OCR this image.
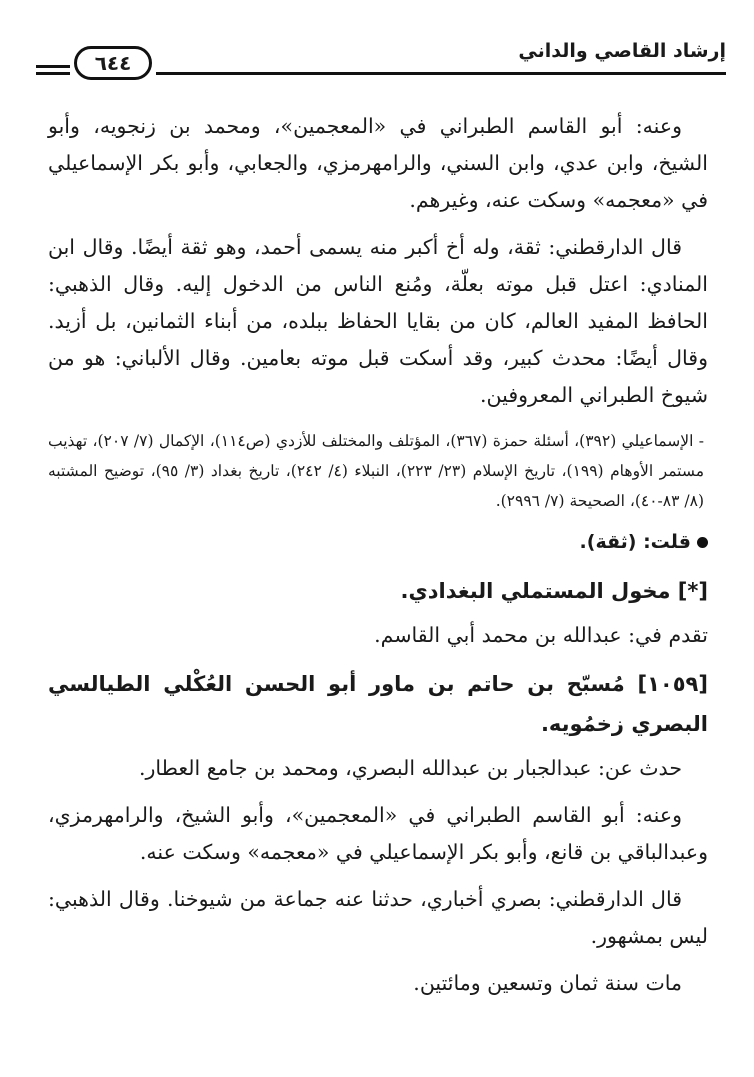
إرشاد القاصي والداني
٦٤٤

وعنه: أبو القاسم الطبراني في «المعجمين»، ومحمد بن زنجويه، وأبو الشيخ، وابن عدي، وابن السني، والرامهرمزي، والجعابي، وأبو بكر الإسماعيلي في «معجمه» وسكت عنه، وغيرهم.

قال الدارقطني: ثقة، وله أخ أكبر منه يسمى أحمد، وهو ثقة أيضًا. وقال ابن المنادي: اعتل قبل موته بعلّة، ومُنع الناس من الدخول إليه. وقال الذهبي: الحافظ المفيد العالم، كان من بقايا الحفاظ ببلده، من أبناء الثمانين، بل أزيد. وقال أيضًا: محدث كبير، وقد أسكت قبل موته بعامين. وقال الألباني: هو من شيوخ الطبراني المعروفين.

- الإسماعيلي (٣٩٢)، أسئلة حمزة (٣٦٧)، المؤتلف والمختلف للأزدي (ص١١٤)، الإكمال (٧/ ٢٠٧)، تهذيب مستمر الأوهام (١٩٩)، تاريخ الإسلام (٢٣/ ٢٢٣)، النبلاء (٤/ ٢٤٢)، تاريخ بغداد (٣/ ٩٥)، توضيح المشتبه (٨/ ٨٣-٤٠)، الصحيحة (٧/ ٢٩٩٦).
قلت: (ثقة).
[*] مخول المستملي البغدادي.

تقدم في: عبدالله بن محمد أبي القاسم.

[١٠٥٩] مُسبّح بن حاتم بن ماور أبو الحسن العُكْلي الطيالسي البصري زخمُويه.

حدث عن: عبدالجبار بن عبدالله البصري، ومحمد بن جامع العطار.

وعنه: أبو القاسم الطبراني في «المعجمين»، وأبو الشيخ، والرامهرمزي، وعبدالباقي بن قانع، وأبو بكر الإسماعيلي في «معجمه» وسكت عنه.

قال الدارقطني: بصري أخباري، حدثنا عنه جماعة من شيوخنا. وقال الذهبي: ليس بمشهور.

مات سنة ثمان وتسعين ومائتين.
